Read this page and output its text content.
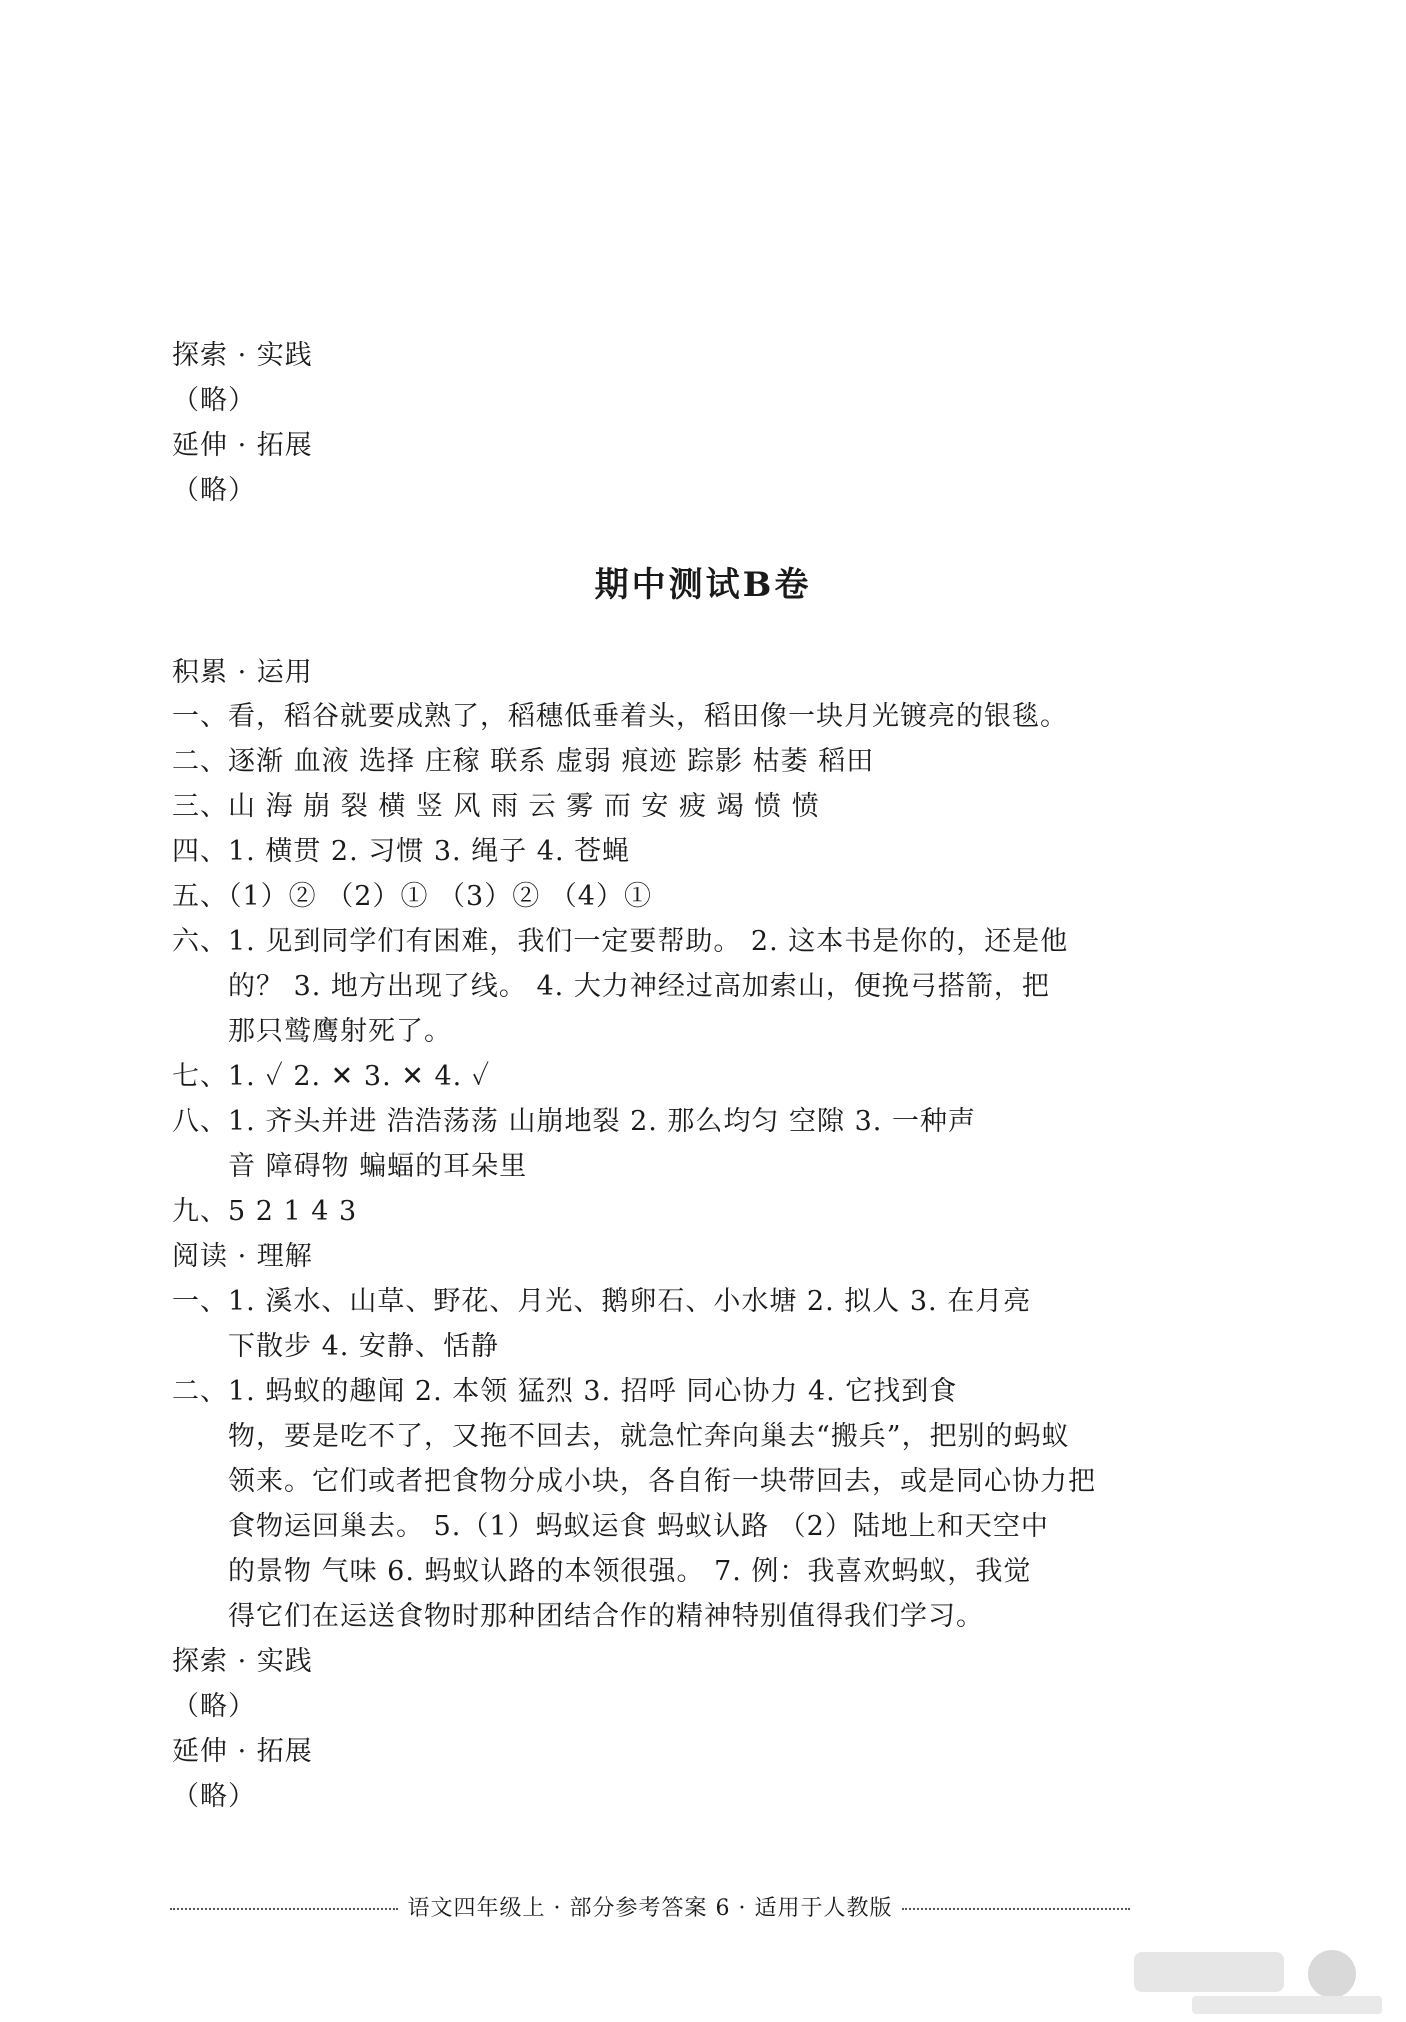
探索 · 实践
（略）
延伸 · 拓展
（略）
期中测试B卷
积累 · 运用
一、看，稻谷就要成熟了，稻穗低垂着头，稻田像一块月光镀亮的银毯。
二、逐渐 血液 选择 庄稼 联系 虚弱 痕迹 踪影 枯萎 稻田
三、山 海 崩 裂 横 竖 风 雨 云 雾 而 安 疲 竭 愤 愤
四、1. 横贯 2. 习惯 3. 绳子 4. 苍蝇
五、（1）② （2）① （3）② （4）①
六、1. 见到同学们有困难，我们一定要帮助。 2. 这本书是你的，还是他
的？ 3. 地方出现了线。 4. 大力神经过高加索山，便挽弓搭箭，把
那只鹫鹰射死了。
七、1. ✓ 2. ✕ 3. ✕ 4. ✓
八、1. 齐头并进 浩浩荡荡 山崩地裂 2. 那么均匀 空隙 3. 一种声
音 障碍物 蝙蝠的耳朵里
九、5 2 1 4 3
阅读 · 理解
一、1. 溪水、山草、野花、月光、鹅卵石、小水塘 2. 拟人 3. 在月亮
下散步 4. 安静、恬静
二、1. 蚂蚁的趣闻 2. 本领 猛烈 3. 招呼 同心协力 4. 它找到食
物，要是吃不了，又拖不回去，就急忙奔向巢去“搬兵”，把别的蚂蚁
领来。它们或者把食物分成小块，各自衔一块带回去，或是同心协力把
食物运回巢去。 5.（1）蚂蚁运食 蚂蚁认路 （2）陆地上和天空中
的景物 气味 6. 蚂蚁认路的本领很强。 7. 例：我喜欢蚂蚁，我觉
得它们在运送食物时那种团结合作的精神特别值得我们学习。
探索 · 实践
（略）
延伸 · 拓展
（略）
语文四年级上 · 部分参考答案 6 · 适用于人教版
